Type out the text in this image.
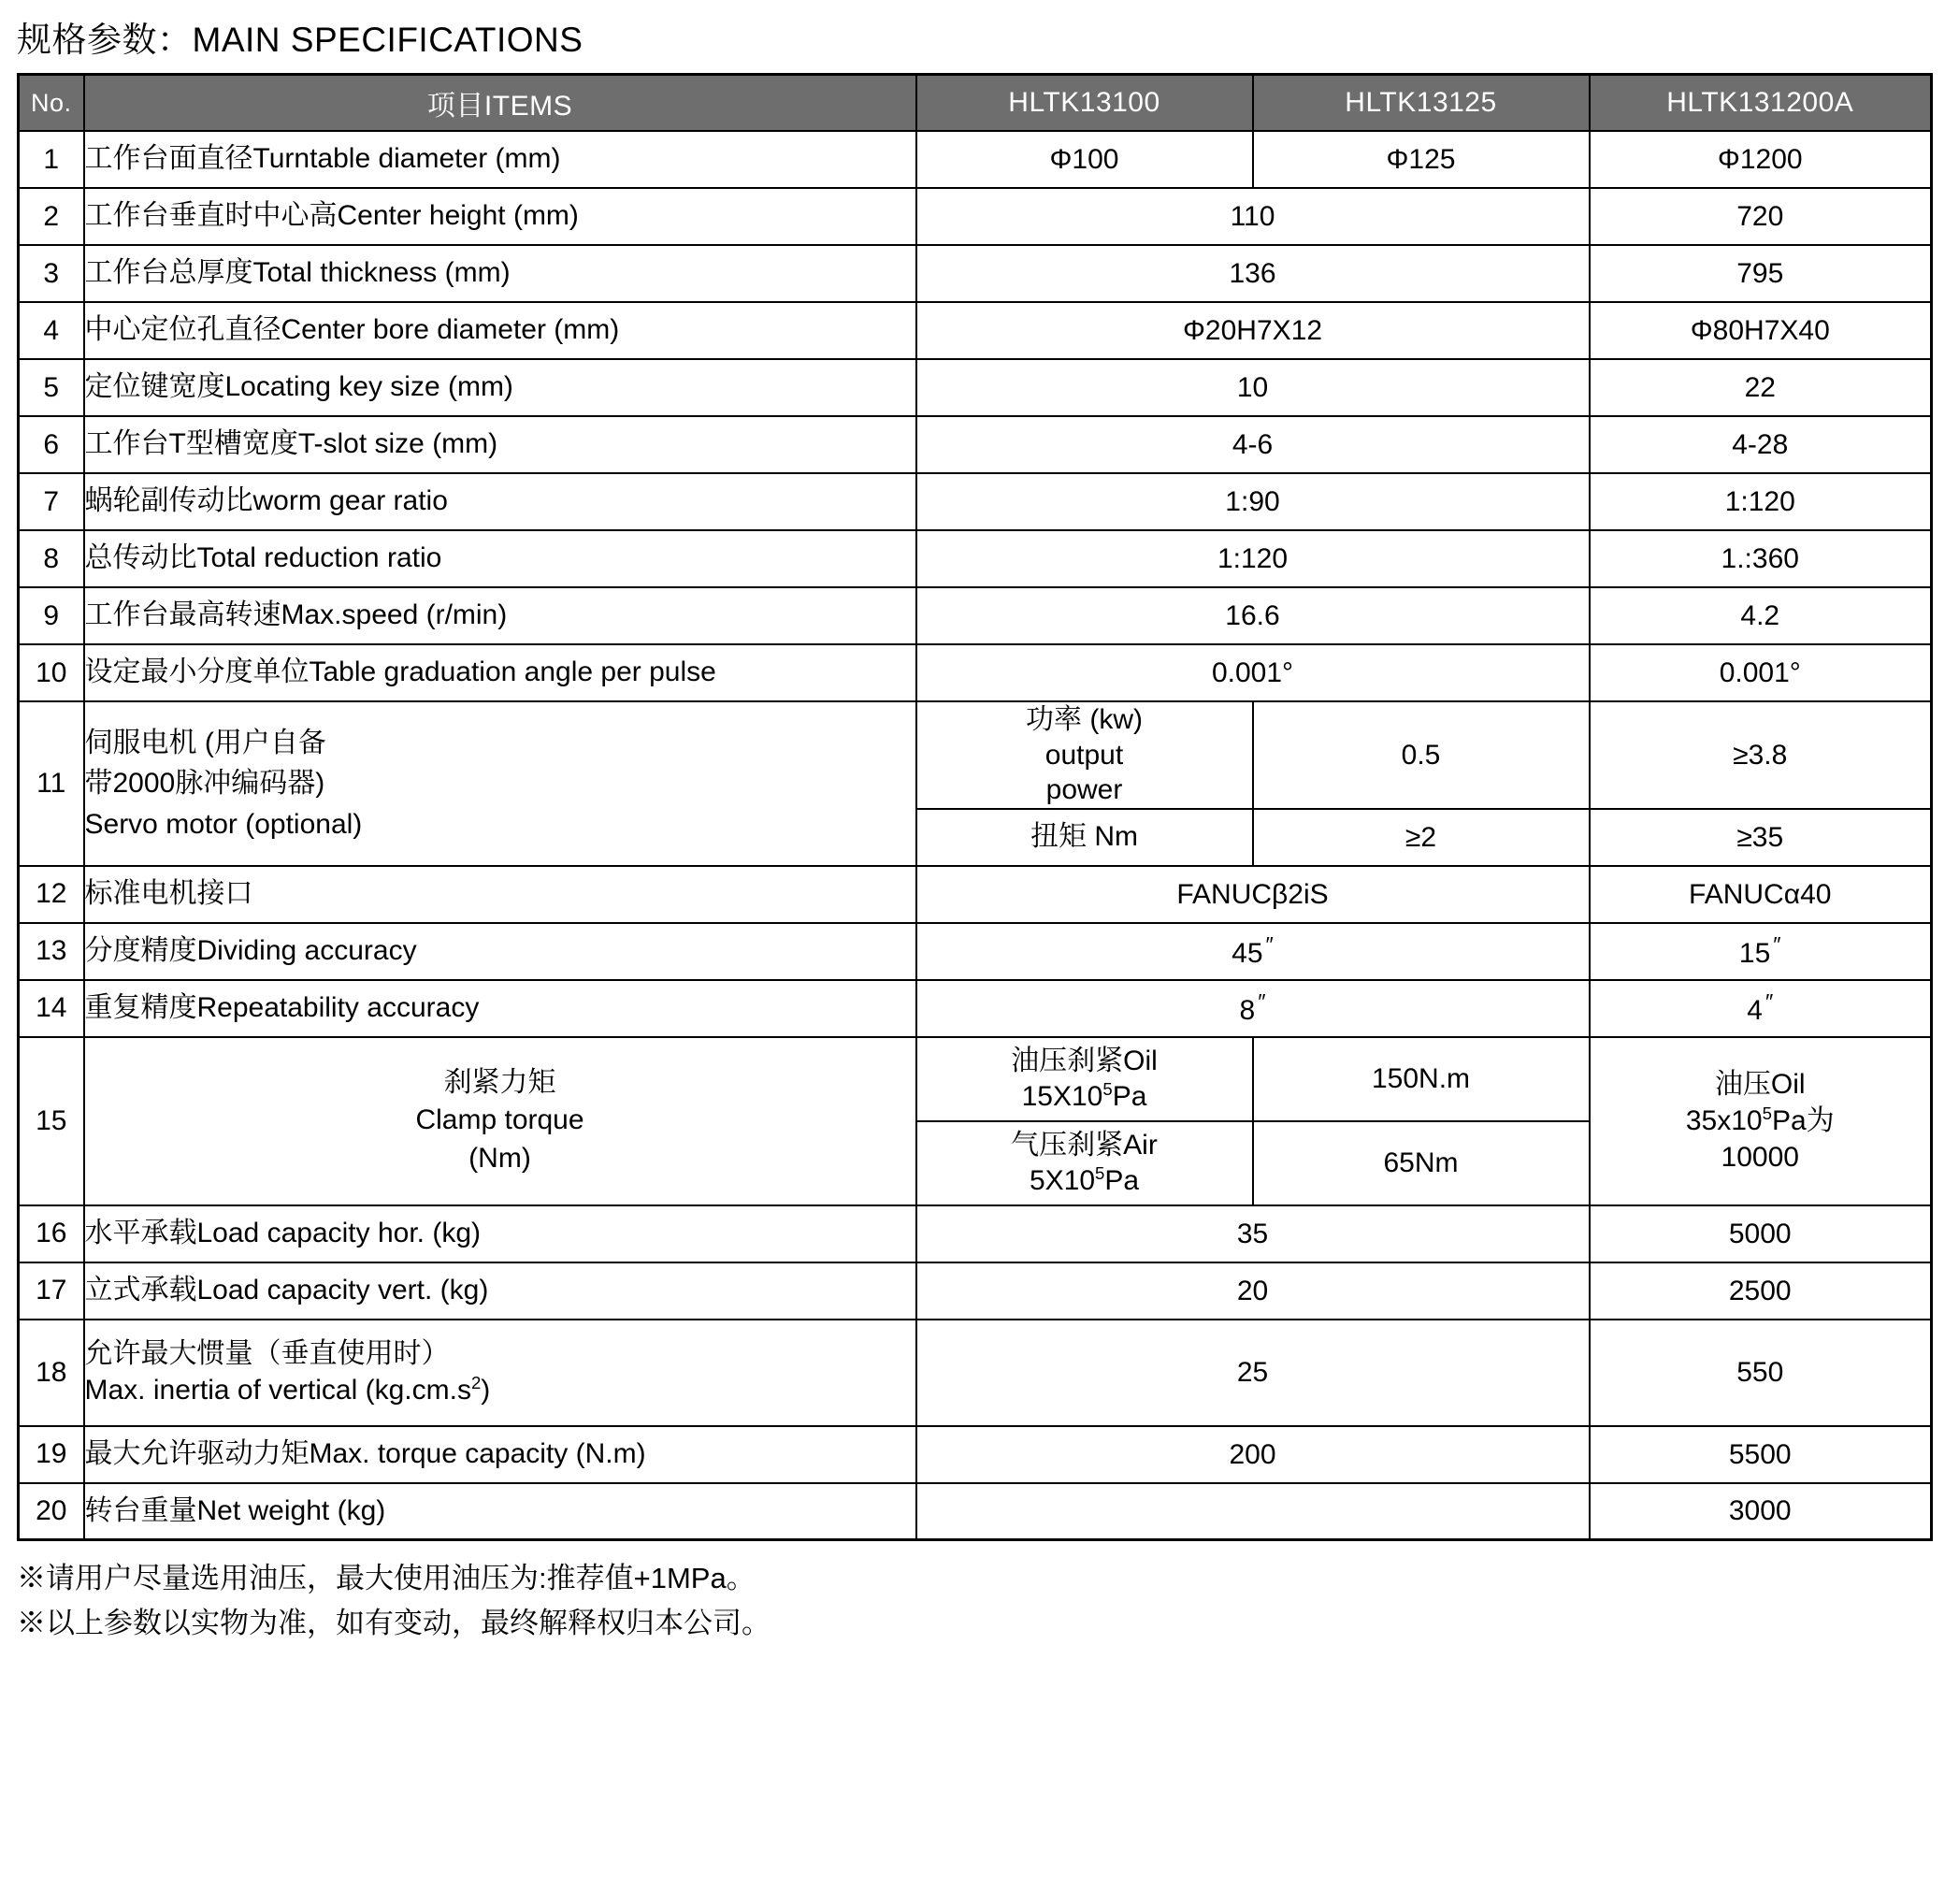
规格参数：MAIN SPECIFICATIONS
No.	项目ITEMS	HLTK13100	HLTK13125	HLTK131200A
1	工作台面直径Turntable diameter (mm)	Φ100	Φ125	Φ1200
2	工作台垂直时中心高Center height (mm)	110		720
3	工作台总厚度Total thickness (mm)	136		795
4	中心定位孔直径Center bore diameter (mm)	Φ20H7X12		Φ80H7X40
5	定位键宽度Locating key size (mm)	10		22
6	工作台T型槽宽度T-slot size (mm)	4-6		4-28
7	蜗轮副传动比worm gear ratio	1:90		1:120
8	总传动比Total reduction ratio	1:120		1.:360
9	工作台最高转速Max.speed (r/min)	16.6		4.2
10	设定最小分度单位Table graduation angle per pulse	0.001°		0.001°
11	伺服电机 (用户自备
带2000脉冲编码器)
Servo motor (optional)	功率 (kw)
output
power	0.5	≥3.8
		扭矩 Nm	≥2	≥35
12	标准电机接口	FANUCβ2iS		FANUCα40
13	分度精度Dividing accuracy	45 ″		15 ″
14	重复精度Repeatability accuracy	8 ″		4 ″
15	刹紧力矩
Clamp torque
(Nm)	油压刹紧Oil
$15X10^5Pa$	150N.m	油压Oil
$35x10^5Pa$为
10000
		气压刹紧Air
$5X10^5Pa$	65Nm	
16	水平承载Load capacity hor. (kg)	35		5000
17	立式承载Load capacity vert. (kg)	20		2500
18	允许最大惯量（垂直使用时）
Max. inertia of vertical $(kg.cm.s^2)$	25		550
19	最大允许驱动力矩Max. torque capacity (N.m)	200		5500
20	转台重量Net weight (kg)			3000
※请用户尽量选用油压，最大使用油压为:推荐值+1MPa。
※以上参数以实物为准，如有变动，最终解释权归本公司。
